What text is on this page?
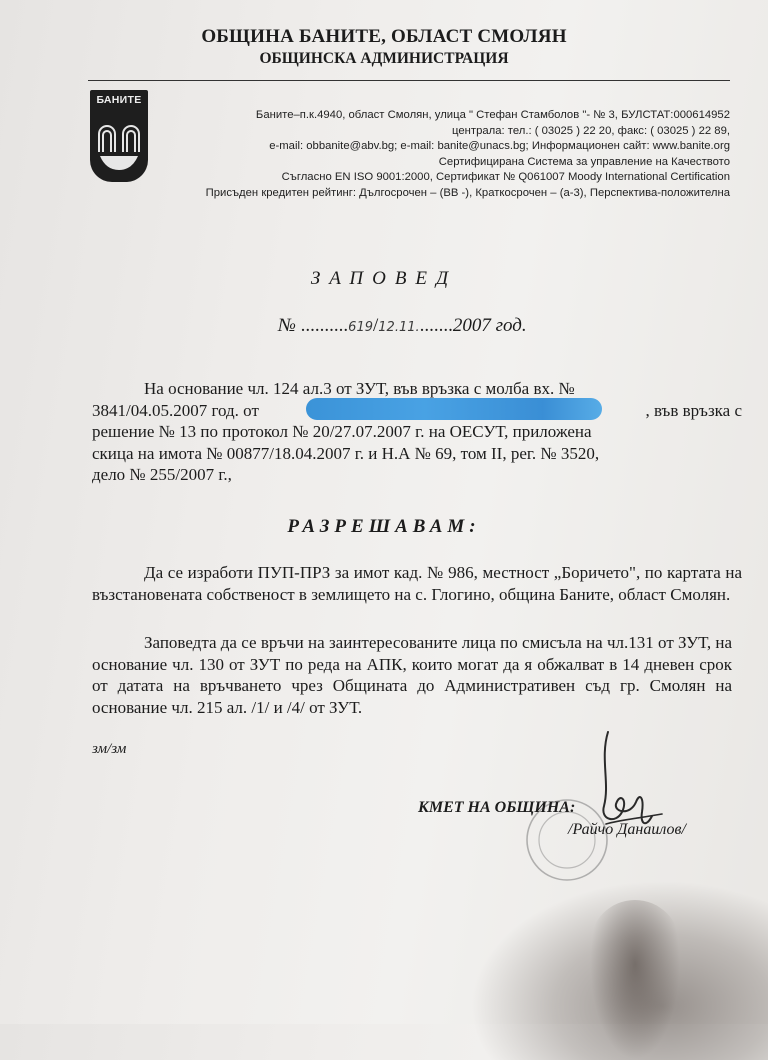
ОБЩИНА БАНИТЕ, ОБЛАСТ СМОЛЯН
ОБЩИНСКА АДМИНИСТРАЦИЯ
БАНИТЕ
Баните–п.к.4940, област Смолян, улица " Стефан Стамболов "- № 3, БУЛСТАТ:000614952
централа: тел.: ( 03025 ) 22 20, факс: ( 03025 ) 22 89,
e-mail: obbanite@abv.bg; e-mail: banite@unacs.bg; Информационен сайт: www.banite.org
Сертифицирана Система за управление на Качеството
Съгласно EN ISO 9001:2000, Сертификат № Q061007 Moody International Certification
Присъден кредитен рейтинг: Дългосрочен – (BB -), Краткосрочен – (a-3), Перспектива-положителна
ЗАПОВЕД
№ ..........619/12.11........2007 год.
На основание чл. 124 ал.3 от ЗУТ, във връзка с молба вх. №
3841/04.05.2007 год. от	, във връзка с
решение № 13 по протокол № 20/27.07.2007 г. на ОЕСУТ, приложена
скица на имота № 00877/18.04.2007 г. и Н.А № 69, том II, рег. № 3520,
дело № 255/2007 г.,
РАЗРЕШАВАМ:
Да се изработи ПУП-ПРЗ за имот кад. № 986, местност „Боричето", по картата на възстановената собственост в землището на с. Глогино, община Баните, област Смолян.
Заповедта да се връчи на заинтересованите лица по смисъла на чл.131 от ЗУТ, на основание чл. 130 от ЗУТ по реда на АПК, които могат да я обжалват в 14 дневен срок от датата на връчването чрез Общината до Административен съд гр. Смолян на основание чл. 215 ал. /1/ и /4/ от ЗУТ.
зм/зм
КМЕТ НА ОБЩИНА:
/Райчо Данаилов/
